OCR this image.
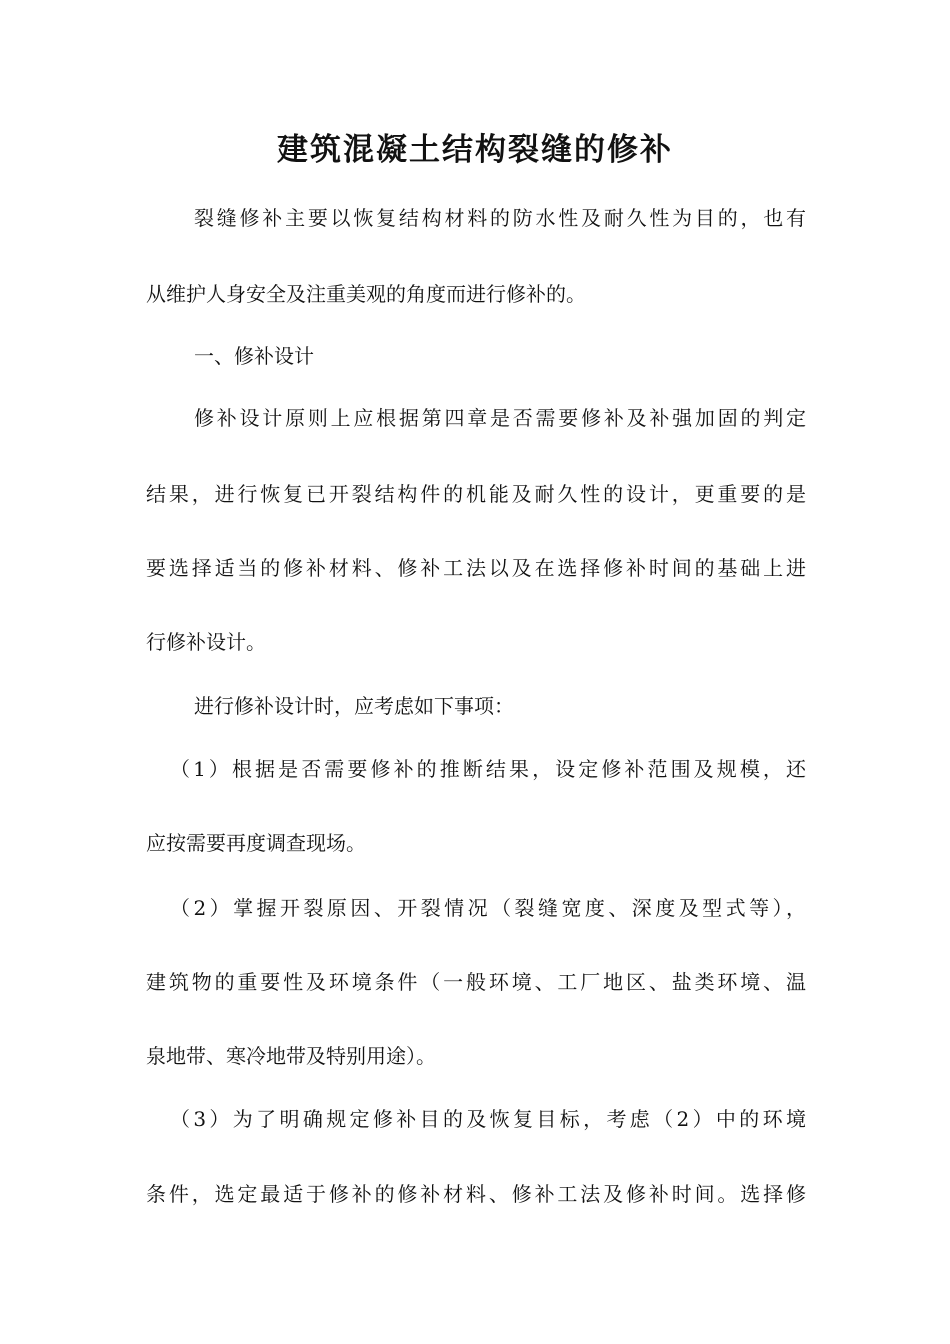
建筑混凝土结构裂缝的修补
裂缝修补主要以恢复结构材料的防水性及耐久性为目的，也有
从维护人身安全及注重美观的角度而进行修补的。
一、修补设计
修补设计原则上应根据第四章是否需要修补及补强加固的判定
结果，进行恢复已开裂结构件的机能及耐久性的设计，更重要的是
要选择适当的修补材料、修补工法以及在选择修补时间的基础上进
行修补设计。
进行修补设计时，应考虑如下事项：
（1）根据是否需要修补的推断结果，设定修补范围及规模，还
应按需要再度调查现场。
（2）掌握开裂原因、开裂情况（裂缝宽度、深度及型式等），
建筑物的重要性及环境条件（一般环境、工厂地区、盐类环境、温
泉地带、寒冷地带及特别用途）。
（3）为了明确规定修补目的及恢复目标，考虑（2）中的环境
条件，选定最适于修补的修补材料、修补工法及修补时间。选择修
